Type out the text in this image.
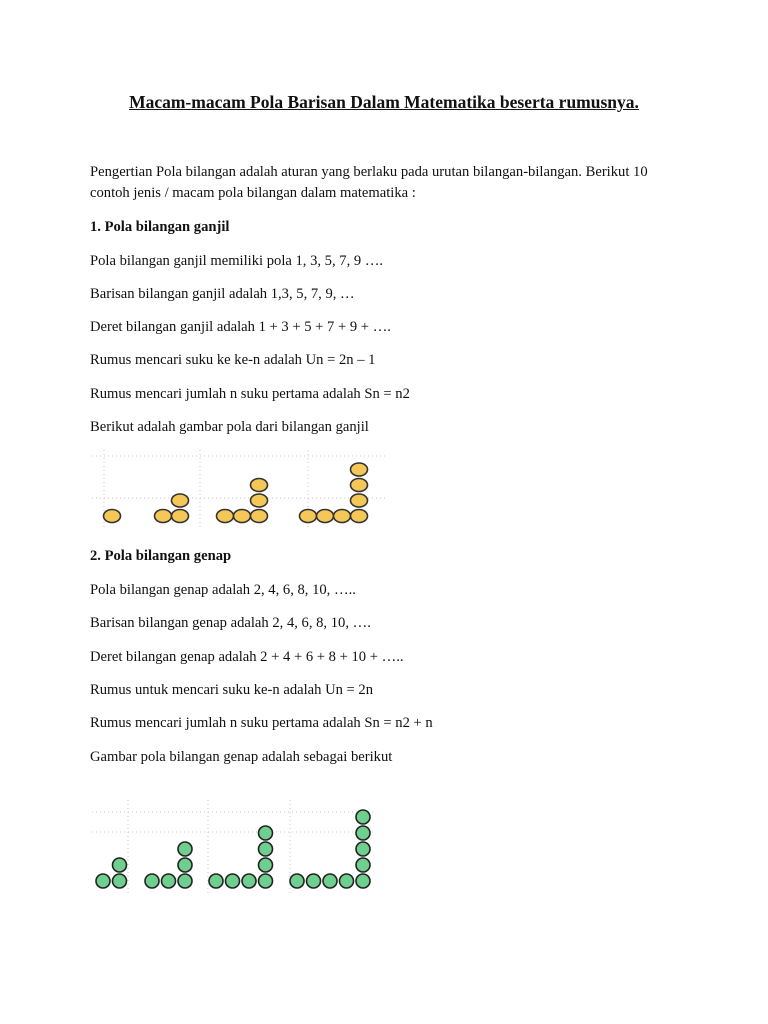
Macam-macam Pola Barisan Dalam Matematika beserta rumusnya.
Pengertian Pola bilangan adalah aturan yang berlaku pada urutan bilangan-bilangan. Berikut 10 contoh jenis / macam pola bilangan dalam matematika :
1. Pola bilangan ganjil
Pola bilangan ganjil memiliki pola 1, 3, 5, 7, 9 ….
Barisan bilangan ganjil adalah 1,3, 5, 7, 9, …
Deret bilangan ganjil adalah 1 + 3 + 5 + 7 + 9 + ….
Rumus mencari suku ke ke-n adalah Un = 2n – 1
Rumus mencari jumlah n suku pertama adalah Sn = n2
Berikut adalah gambar pola dari bilangan ganjil
2. Pola bilangan genap
Pola bilangan genap adalah 2, 4, 6, 8, 10, …..
Barisan bilangan genap adalah 2, 4, 6, 8, 10, ….
Deret bilangan genap adalah 2 + 4 + 6 + 8 + 10 + …..
Rumus untuk mencari suku ke-n adalah Un = 2n
Rumus mencari jumlah n suku pertama adalah Sn = n2 + n
Gambar pola bilangan genap adalah sebagai berikut
